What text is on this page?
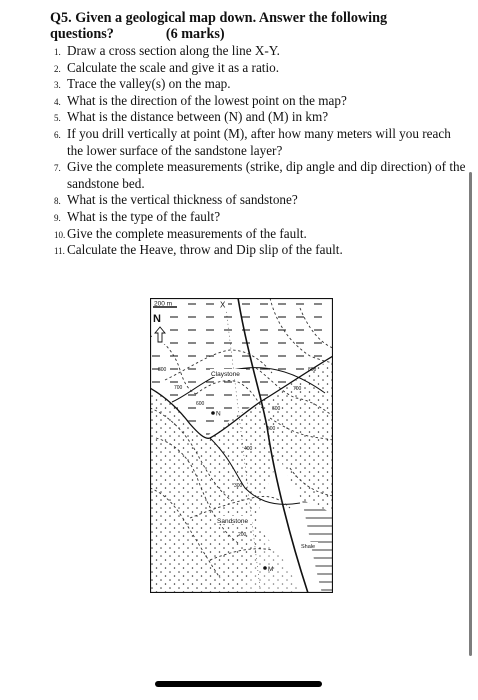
Q5. Given a geological map down. Answer the following
questions?	(6 marks)
1. Draw a cross section along the line X-Y.
2. Calculate the scale and give it as a ratio.
3. Trace the valley(s) on the map.
4. What is the direction of the lowest point on the map?
5. What is the distance between (N) and (M) in km?
6. If you drill vertically at point (M), after how many meters will you reach the lower surface of the sandstone layer?
7. Give the complete measurements (strike, dip angle and dip direction) of the sandstone bed.
8. What is the vertical thickness of sandstone?
9. What is the type of the fault?
10. Give the complete measurements of the fault.
11. Calculate the Heave, throw and Dip slip of the fault.
200 m
N
X
Claystone
Sandstone
Shale
N
M
800	800
700	700
600
600
500
400
300
200
